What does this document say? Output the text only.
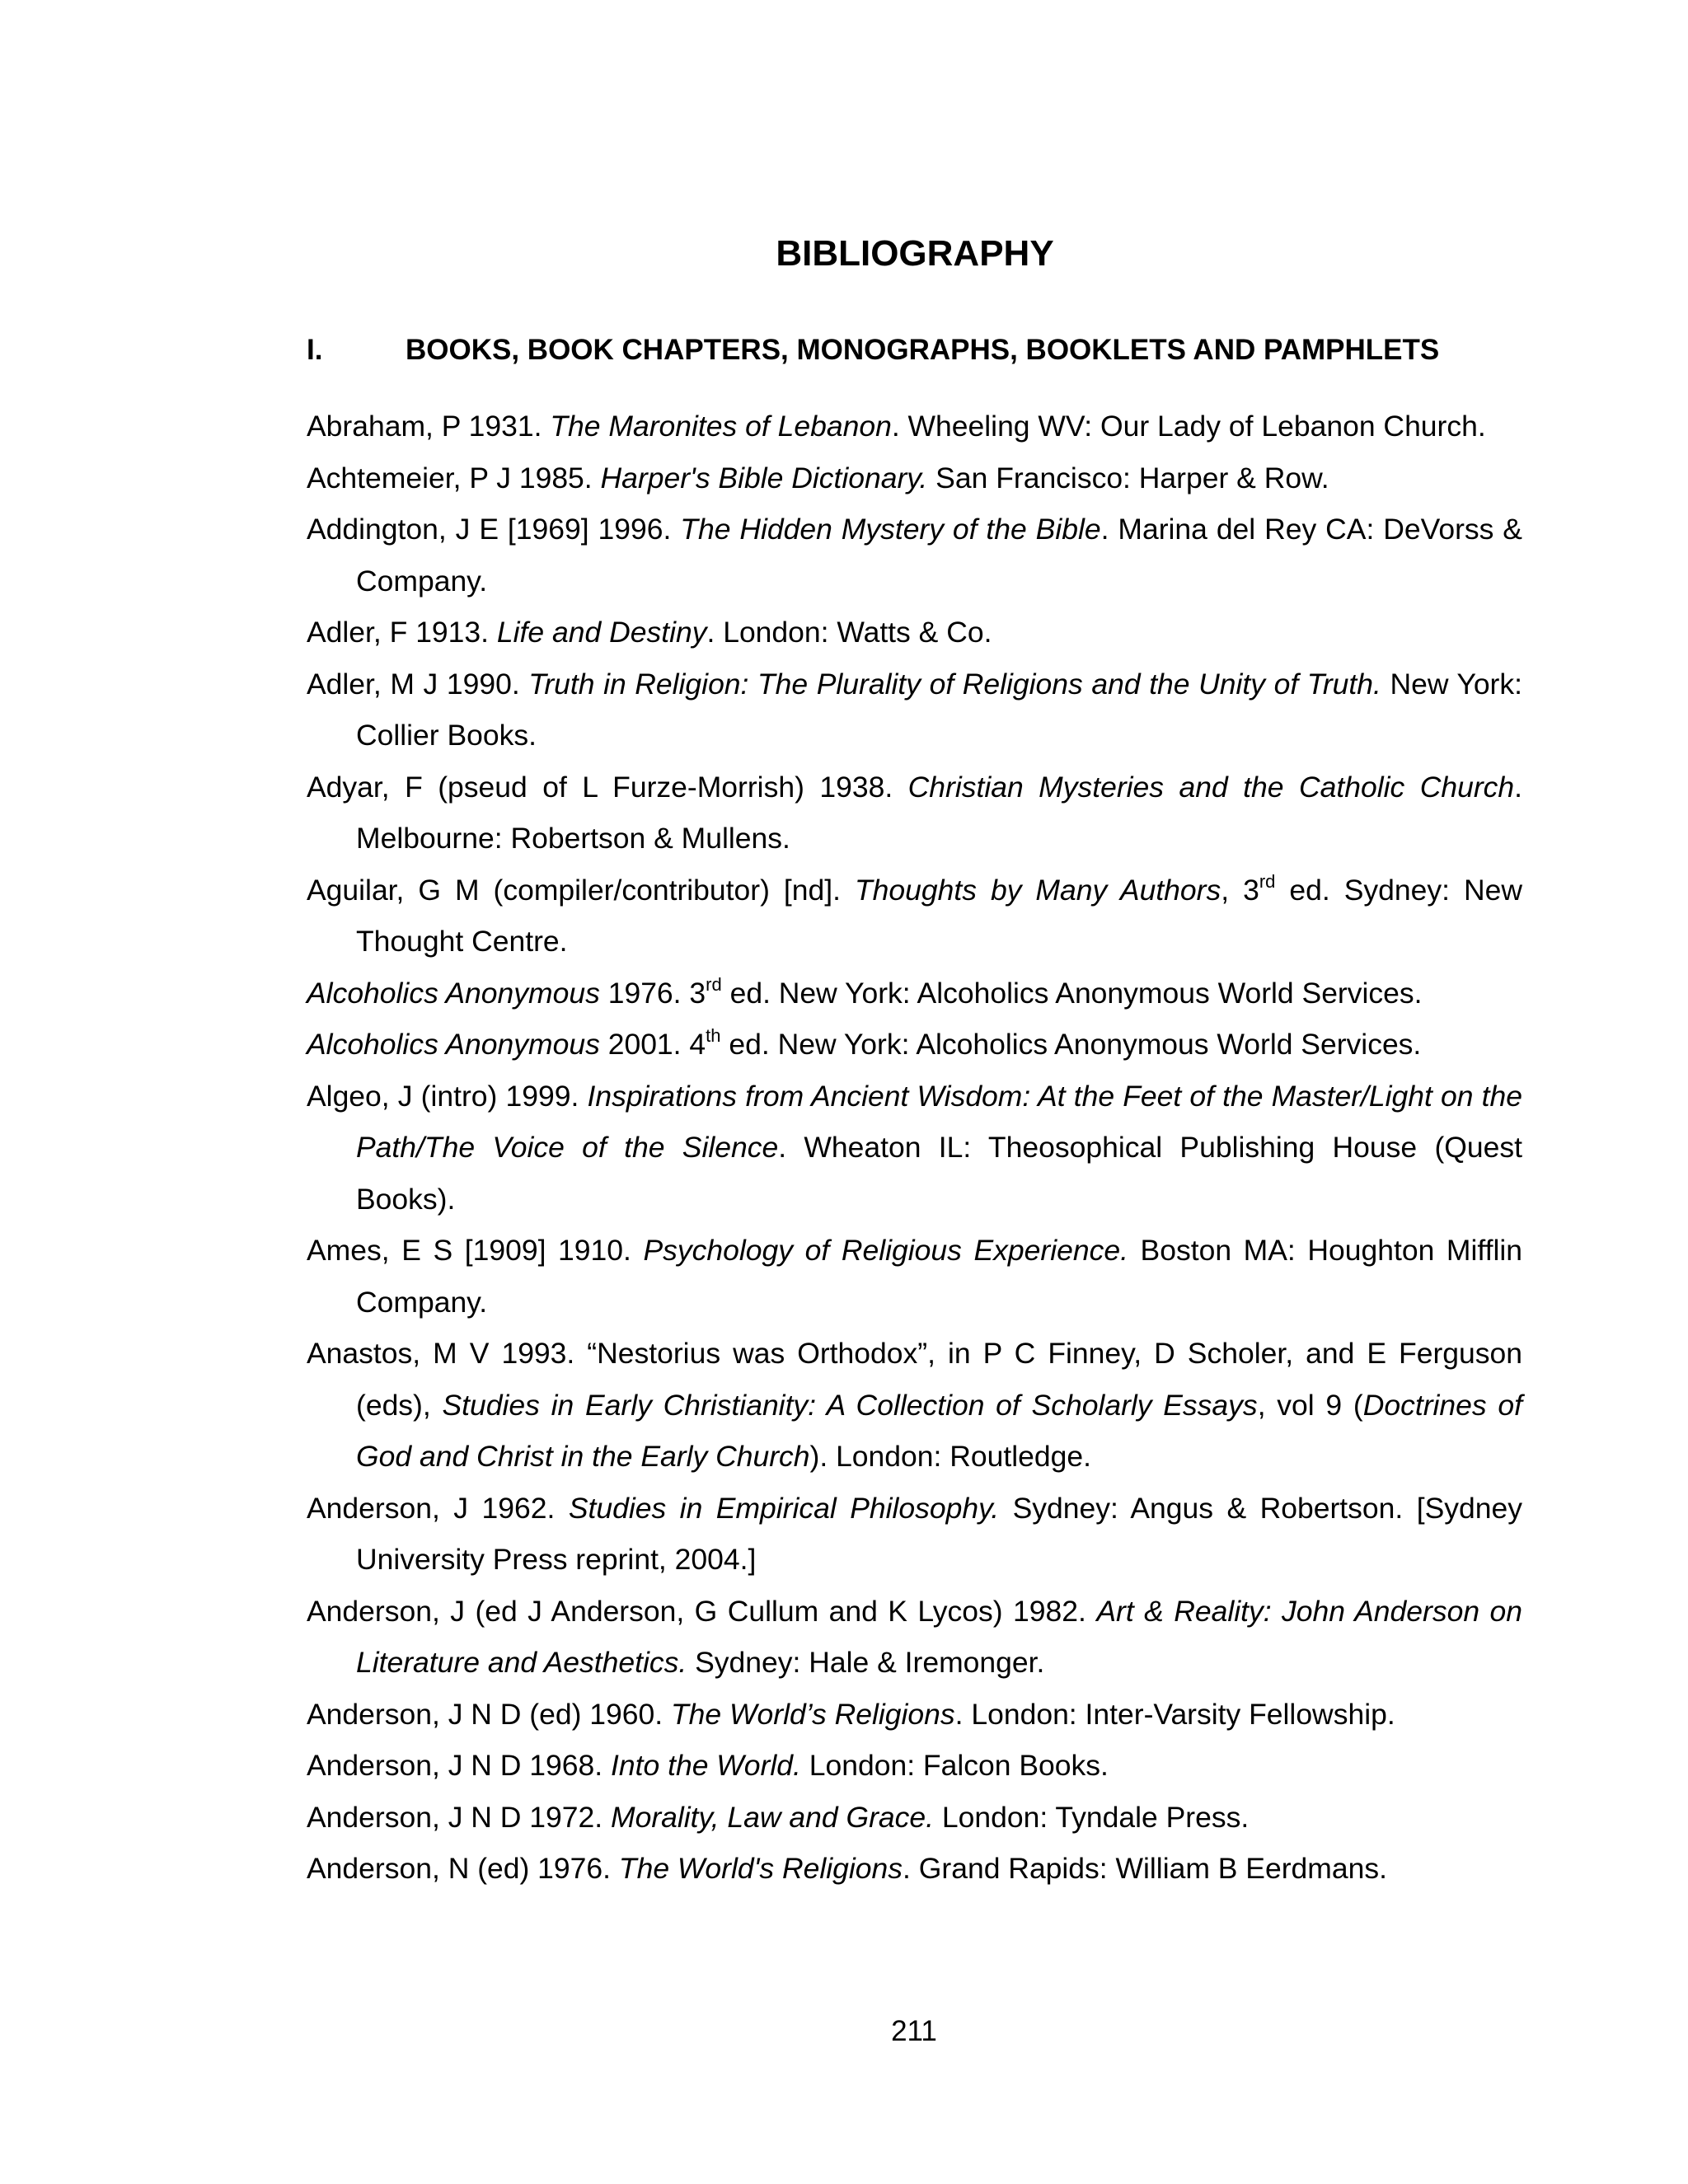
BIBLIOGRAPHY
I.	BOOKS, BOOK CHAPTERS, MONOGRAPHS, BOOKLETS AND PAMPHLETS

Abraham, P 1931. The Maronites of Lebanon. Wheeling WV: Our Lady of Lebanon Church.

Achtemeier, P J 1985. Harper's Bible Dictionary. San Francisco: Harper & Row.

Addington, J E [1969] 1996. The Hidden Mystery of the Bible. Marina del Rey CA: DeVorss & Company.

Adler, F 1913. Life and Destiny. London: Watts & Co.

Adler, M J 1990. Truth in Religion: The Plurality of Religions and the Unity of Truth. New York: Collier Books.

Adyar, F (pseud of L Furze-Morrish) 1938. Christian Mysteries and the Catholic Church. Melbourne: Robertson & Mullens.

Aguilar, G M (compiler/contributor) [nd]. Thoughts by Many Authors, 3rd ed. Sydney: New Thought Centre.

Alcoholics Anonymous 1976. 3rd ed. New York: Alcoholics Anonymous World Services.

Alcoholics Anonymous 2001. 4th ed. New York: Alcoholics Anonymous World Services.

Algeo, J (intro) 1999. Inspirations from Ancient Wisdom: At the Feet of the Master/Light on the Path/The Voice of the Silence. Wheaton IL: Theosophical Publishing House (Quest Books).

Ames, E S [1909] 1910. Psychology of Religious Experience. Boston MA: Houghton Mifflin Company.

Anastos, M V 1993. “Nestorius was Orthodox”, in P C Finney, D Scholer, and E Ferguson (eds), Studies in Early Christianity: A Collection of Scholarly Essays, vol 9 (Doctrines of God and Christ in the Early Church). London: Routledge.

Anderson, J 1962. Studies in Empirical Philosophy. Sydney: Angus & Robertson. [Sydney University Press reprint, 2004.]

Anderson, J (ed J Anderson, G Cullum and K Lycos) 1982. Art & Reality: John Anderson on Literature and Aesthetics. Sydney: Hale & Iremonger.

Anderson, J N D (ed) 1960. The World’s Religions. London: Inter-Varsity Fellowship.

Anderson, J N D 1968. Into the World. London: Falcon Books.

Anderson, J N D 1972. Morality, Law and Grace. London: Tyndale Press.

Anderson, N (ed) 1976. The World's Religions. Grand Rapids: William B Eerdmans.

211
